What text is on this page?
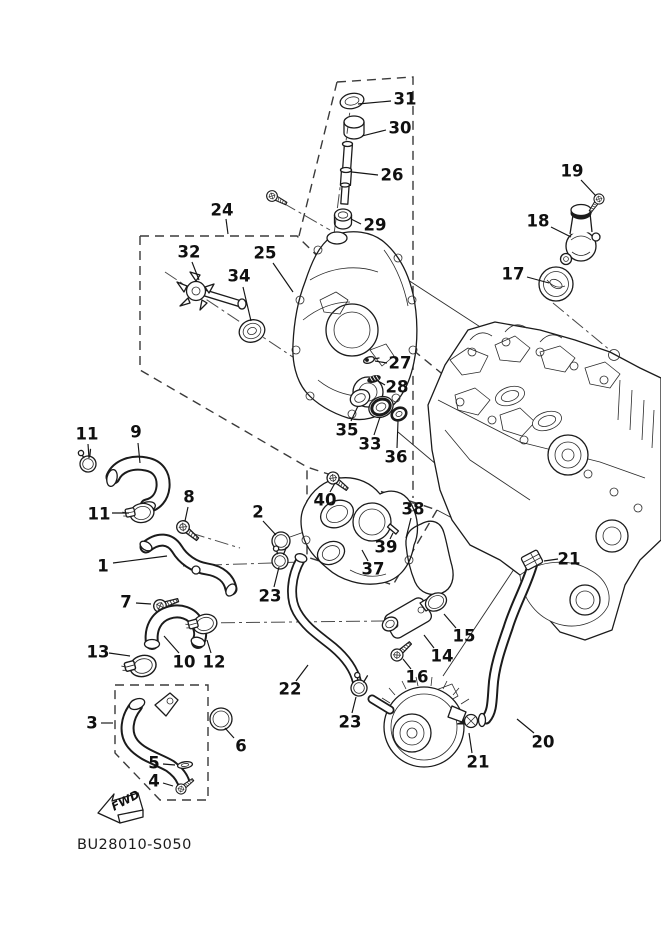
FWD
BU28010-S050
31
30
26
29
19
18
17
24
32
34
25
27
28
35
33
36
11 9
11
8
2
40	38
39
37
23
1
7
13
10 12
3
6
5
4
22
23
16
14
15
21
20
21
